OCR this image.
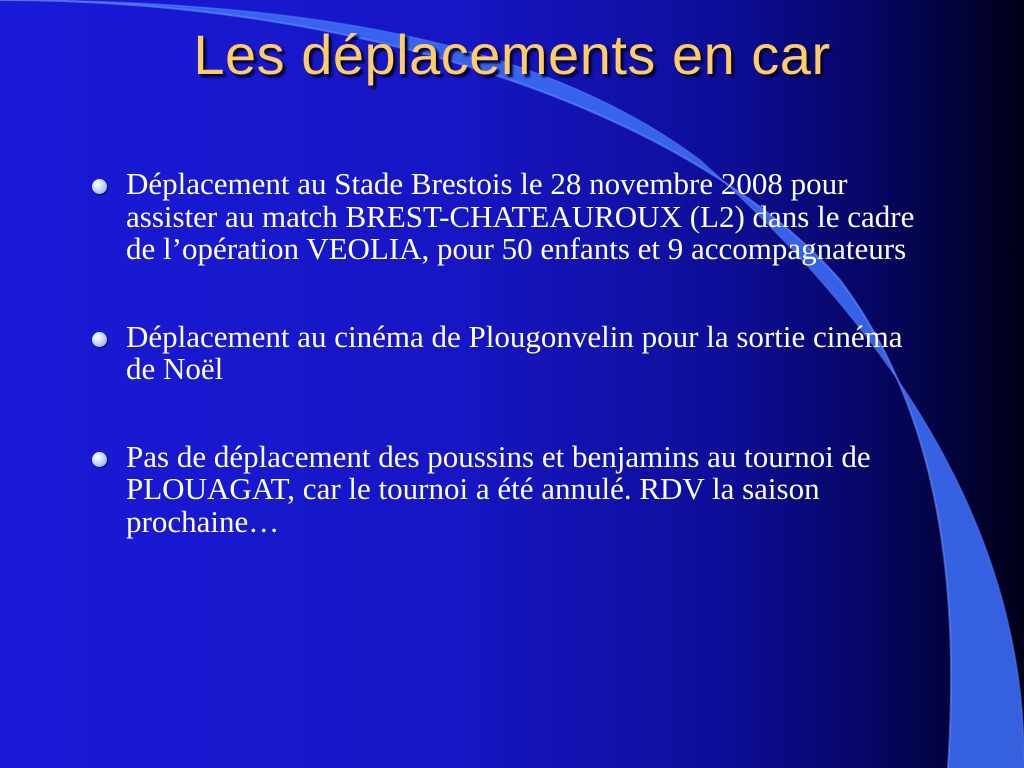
Les déplacements en car
Déplacement au Stade Brestois le 28 novembre 2008 pour assister au match BREST-CHATEAUROUX (L2) dans le cadre de l’opération VEOLIA, pour 50 enfants et 9 accompagnateurs
Déplacement au cinéma de Plougonvelin pour la sortie cinéma de Noël
Pas de déplacement des poussins et benjamins au tournoi de PLOUAGAT, car le tournoi a été annulé. RDV la saison prochaine…
